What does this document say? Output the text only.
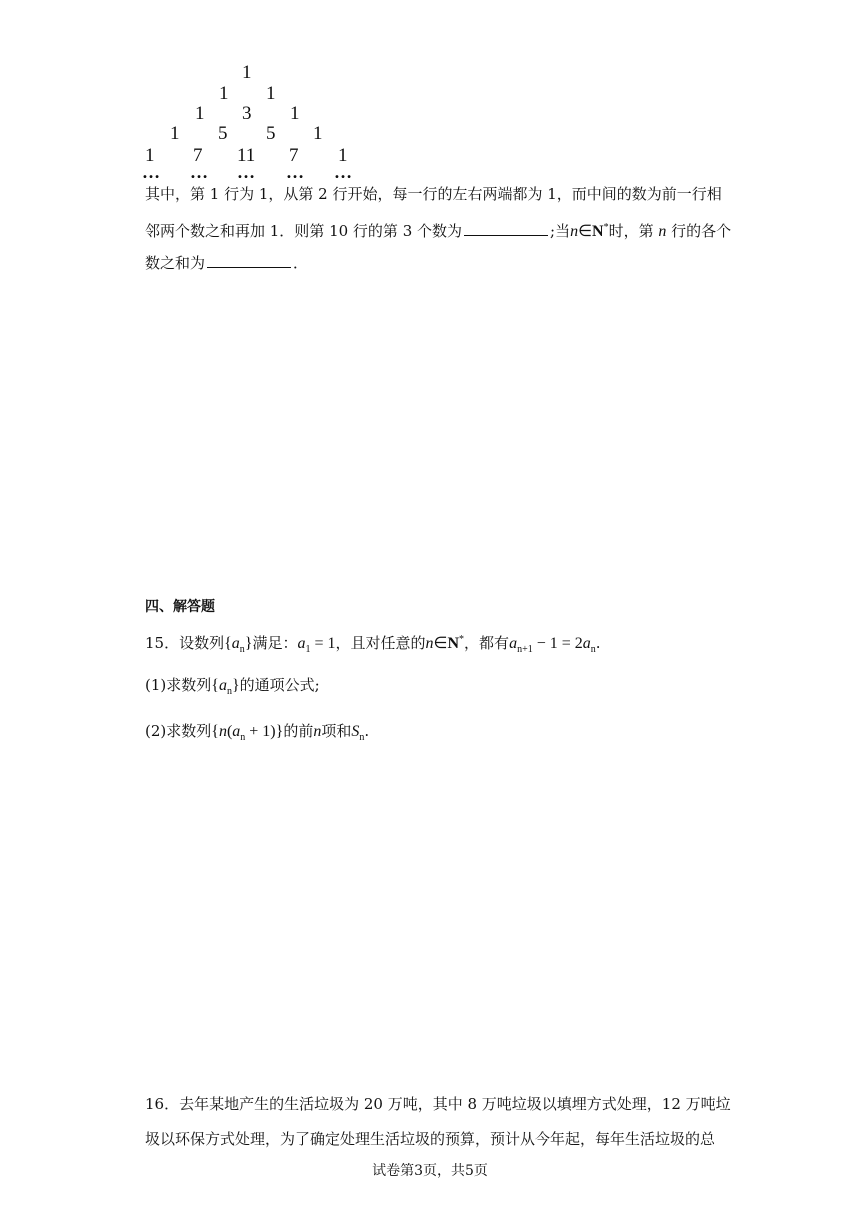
1
1 1
1 3 1
1 5 5 1
1 7 11 7 1
… … … … …
其中，第 1 行为 1，从第 2 行开始，每一行的左右两端都为 1，而中间的数为前一行相
邻两个数之和再加 1．则第 10 行的第 3 个数为	;当n∈N*时，第 n 行的各个
数之和为	．
四、解答题
15．设数列$\{a_n\}$满足：$a_1 = 1$，且对任意的n∈N*，都有$a_{n+1} - 1 = 2a_n$.
(1)求数列$\{a_n\}$的通项公式;
(2)求数列$\{n(a_n + 1)\}$的前n项和$S_n$.
16．去年某地产生的生活垃圾为 20 万吨，其中 8 万吨垃圾以填埋方式处理，12 万吨垃
圾以环保方式处理，为了确定处理生活垃圾的预算，预计从今年起，每年生活垃圾的总
试卷第3页，共5页
